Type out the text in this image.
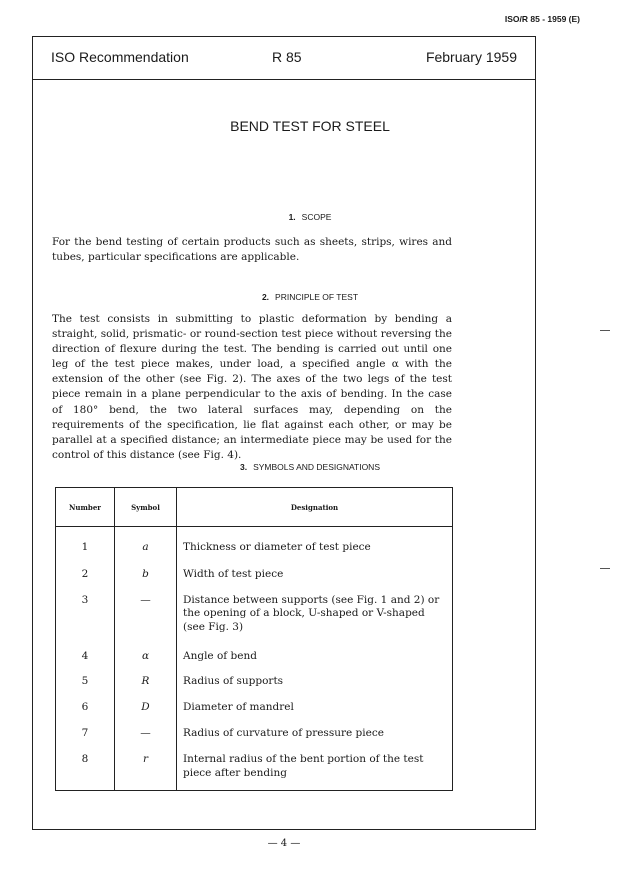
ISO/R 85 - 1959 (E)
ISO Recommendation	R 85	February 1959
BEND TEST FOR STEEL
1. SCOPE

For the bend testing of certain products such as sheets, strips, wires and tubes, particular specifications are applicable.

2. PRINCIPLE OF TEST

The test consists in submitting to plastic deformation by bending a straight, solid, prismatic- or round-section test piece without reversing the direction of flexure during the test. The bending is carried out until one leg of the test piece makes, under load, a specified angle α with the extension of the other (see Fig. 2). The axes of the two legs of the test piece remain in a plane perpendicular to the axis of bending. In the case of 180° bend, the two lateral surfaces may, depending on the requirements of the specification, lie flat against each other, or may be parallel at a specified distance; an intermediate piece may be used for the control of this distance (see Fig. 4).

3. SYMBOLS AND DESIGNATIONS
Number	Symbol	Designation
1	a	Thickness or diameter of test piece
2	b	Width of test piece
3	—	Distance between supports (see Fig. 1 and 2) or the opening of a block, U-shaped or V-shaped (see Fig. 3)
4	α	Angle of bend
5	R	Radius of supports
6	D	Diameter of mandrel
7	—	Radius of curvature of pressure piece
8	r	Internal radius of the bent portion of the test piece after bending
— 4 —
